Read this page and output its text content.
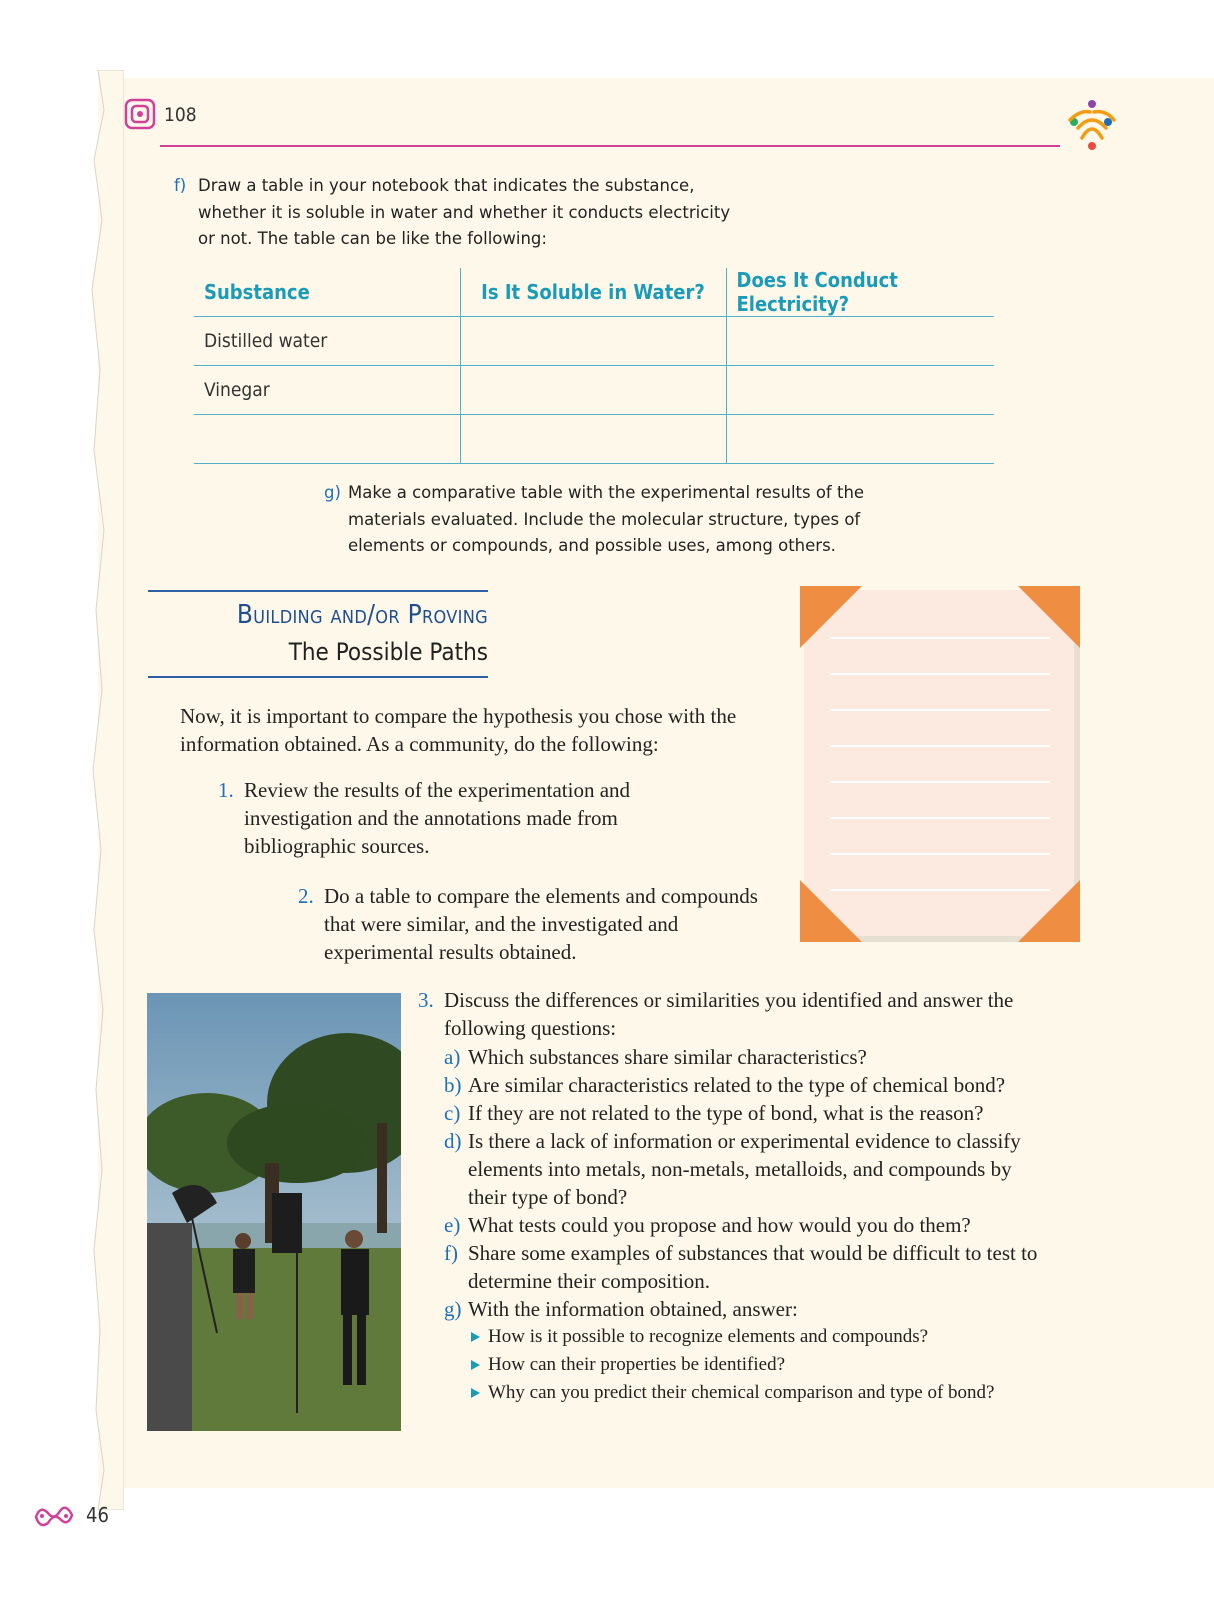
108
f) Draw a table in your notebook that indicates the substance, whether it is soluble in water and whether it conducts electricity or not. The table can be like the following:
Substance	Is It Soluble in Water?	Does It Conduct Electricity?
Distilled water		
Vinegar		

g) Make a comparative table with the experimental results of the materials evaluated. Include the molecular structure, types of elements or compounds, and possible uses, among others.
Building and/or Proving
The Possible Paths
Now, it is important to compare the hypothesis you chose with the information obtained. As a community, do the following:
1. Review the results of the experimentation and investigation and the annotations made from bibliographic sources.
2. Do a table to compare the elements and compounds that were similar, and the investigated and experimental results obtained.
3. Discuss the differences or similarities you identified and answer the following questions:
a) Which substances share similar characteristics?
b) Are similar characteristics related to the type of chemical bond?
c) If they are not related to the type of bond, what is the reason?
d) Is there a lack of information or experimental evidence to classify elements into metals, non-metals, metalloids, and compounds by their type of bond?
e) What tests could you propose and how would you do them?
f) Share some examples of substances that would be difficult to test to determine their composition.
g) With the information obtained, answer:
How is it possible to recognize elements and compounds?
How can their properties be identified?
Why can you predict their chemical comparison and type of bond?
46
